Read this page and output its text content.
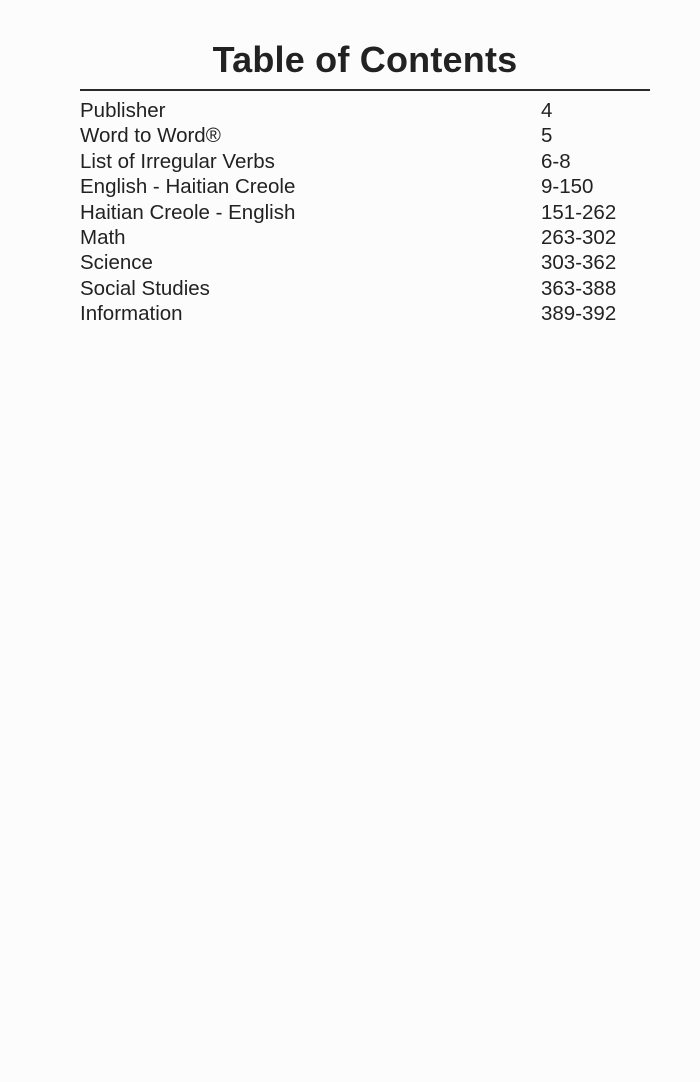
Table of Contents
Publisher	4
Word to Word®	5
List of Irregular Verbs	6-8
English - Haitian Creole	9-150
Haitian Creole - English	151-262
Math	263-302
Science	303-362
Social Studies	363-388
Information	389-392
